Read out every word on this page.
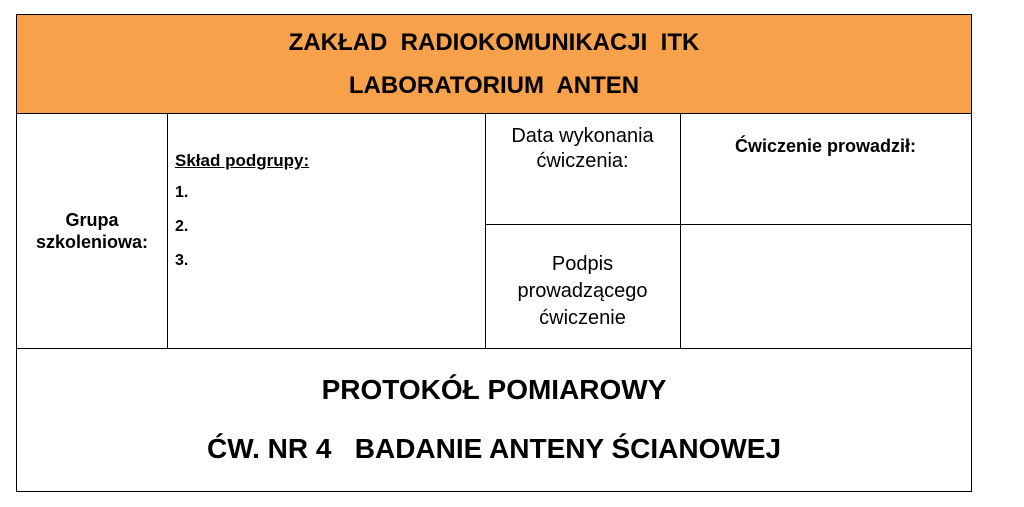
ZAKŁAD  RADIOKOMUNIKACJI  ITK
LABORATORIUM  ANTEN
Grupa szkoleniowa:
Skład podgrupy:
1.
2.
3.
Data wykonania ćwiczenia:
Ćwiczenie prowadził:
Podpis prowadzącego ćwiczenie
PROTOKÓŁ POMIAROWY
ĆW. NR 4   BADANIE ANTENY ŚCIANOWEJ
